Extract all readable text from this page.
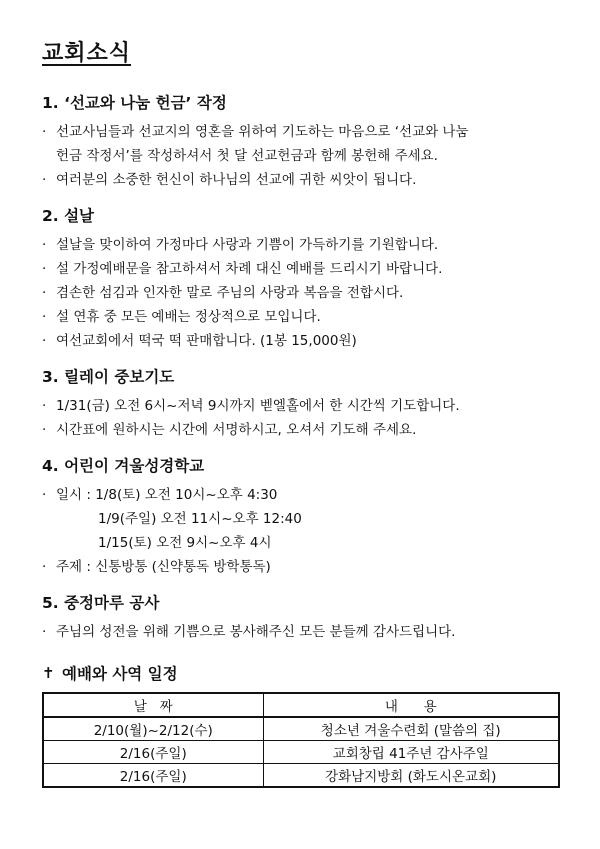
교회소식
1. ‘선교와 나눔 헌금’ 작정
· 선교사님들과 선교지의 영혼을 위하여 기도하는 마음으로 ‘선교와 나눔
헌금 작정서’를 작성하셔서 첫 달 선교헌금과 함께 봉헌해 주세요.
· 여러분의 소중한 헌신이 하나님의 선교에 귀한 씨앗이 됩니다.
2. 설날
· 설날을 맞이하여 가정마다 사랑과 기쁨이 가득하기를 기원합니다.
· 설 가정예배문을 참고하셔서 차례 대신 예배를 드리시기 바랍니다.
· 겸손한 섬김과 인자한 말로 주님의 사랑과 복음을 전합시다.
· 설 연휴 중 모든 예배는 정상적으로 모입니다.
· 여선교회에서 떡국 떡 판매합니다. (1봉 15,000원)
3. 릴레이 중보기도
· 1/31(금) 오전 6시~저녁 9시까지 벧엘홀에서 한 시간씩 기도합니다.
· 시간표에 원하시는 시간에 서명하시고, 오셔서 기도해 주세요.
4. 어린이 겨울성경학교
· 일시 : 1/8(토) 오전 10시~오후 4:30
1/9(주일) 오전 11시~오후 12:40
1/15(토) 오전 9시~오후 4시
· 주제 : 신통방통 (신약통독 방학통독)
5. 중정마루 공사
· 주님의 성전을 위해 기쁨으로 봉사해주신 모든 분들께 감사드립니다.
✝ 예배와 사역 일정
날   짜	내      용
2/10(월)~2/12(수)	청소년 겨울수련회 (말씀의 집)
2/16(주일)	교회창립 41주년 감사주일
2/16(주일)	강화남지방회 (화도시온교회)
